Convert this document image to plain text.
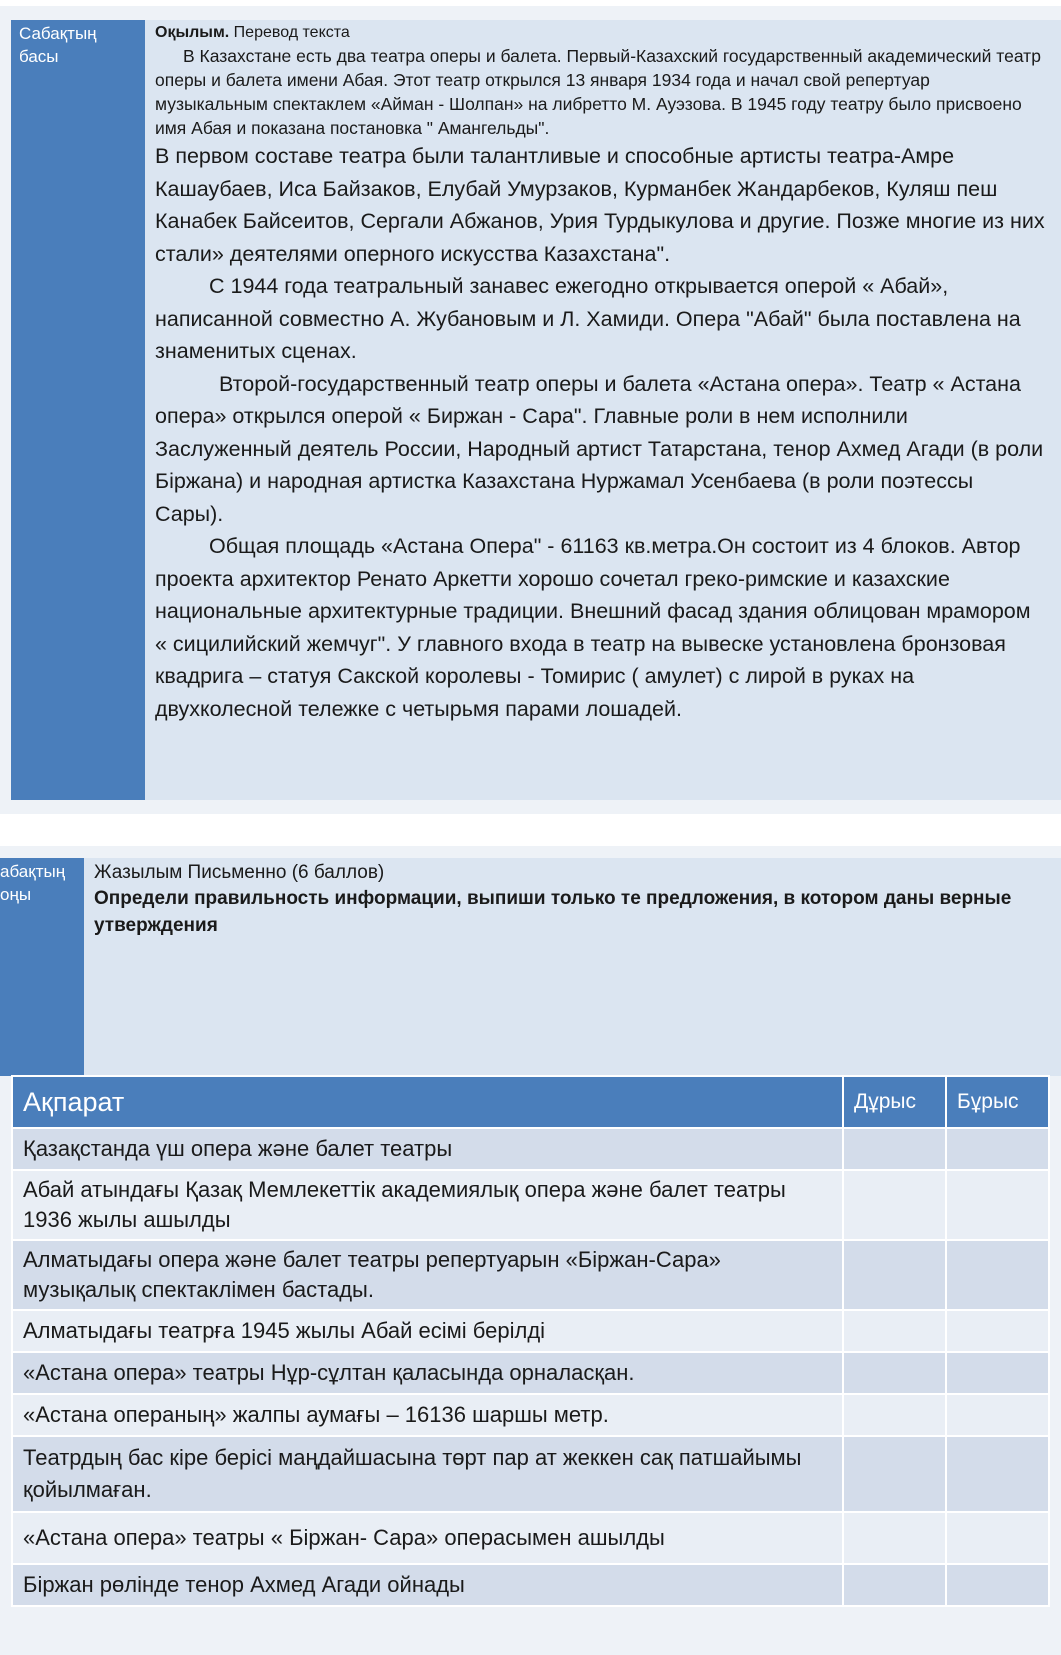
Сабақтың басы
Оқылым. Перевод текста

В Казахстане есть два театра оперы и балета. Первый-Казахский государственный академический театр оперы и балета имени Абая. Этот театр открылся 13 января 1934 года и начал свой репертуар музыкальным спектаклем «Айман - Шолпан» на либретто М. Ауэзова. В 1945 году театру было присвоено имя Абая и показана постановка " Амангельды".

В первом составе театра были талантливые и способные артисты театра-Амре Кашаубаев, Иса Байзаков, Елубай Умурзаков, Курманбек Жандарбеков, Куляш пеш Канабек Байсеитов, Сергали Абжанов, Урия Турдыкулова и другие. Позже многие из них стали» деятелями оперного искусства Казахстана".

С 1944 года театральный занавес ежегодно открывается оперой « Абай», написанной совместно А. Жубановым и Л. Хамиди. Опера "Абай" была поставлена на знаменитых сценах.

Второй-государственный театр оперы и балета «Астана опера». Театр « Астана опера» открылся оперой « Биржан - Сара". Главные роли в нем исполнили Заслуженный деятель России, Народный артист Татарстана, тенор Ахмед Агади (в роли Біржана) и народная артистка Казахстана Нуржамал Усенбаева (в роли поэтессы Сары).

Общая площадь «Астана Опера" - 61163 кв.метра.Он состоит из 4 блоков. Автор проекта архитектор Ренато Аркетти хорошо сочетал греко-римские и казахские национальные архитектурные традиции. Внешний фасад здания облицован мрамором « сицилийский жемчуг". У главного входа в театр на вывеске установлена бронзовая квадрига – статуя Сакской королевы - Томирис ( амулет) с лирой в руках на двухколесной тележке с четырьмя парами лошадей.

абақтың
оңы
Жазылым Письменно (6 баллов)
Определи правильность информации, выпиши только те предложения, в котором даны верные утверждения
Ақпарат	Дұрыс	Бұрыс
Қазақстанда үш опера және балет театры		
Абай атындағы Қазақ Мемлекеттік академиялық опера және балет театры 1936 жылы ашылды		
Алматыдағы опера және балет театры репертуарын «Біржан-Сара» музықалық спектаклімен бастады.		
Алматыдағы театрға 1945 жылы Абай есімі берілді		
«Астана опера» театры Нұр-сұлтан қаласында орналасқан.		
«Астана операның» жалпы аумағы – 16136 шаршы метр.		
Театрдың бас кіре берісі маңдайшасына төрт пар ат жеккен сақ патшайымы қойылмаған.		
«Астана опера» театры « Біржан- Сара» операсымен ашылды		
Біржан рөлінде тенор Ахмед Агади ойнады		
